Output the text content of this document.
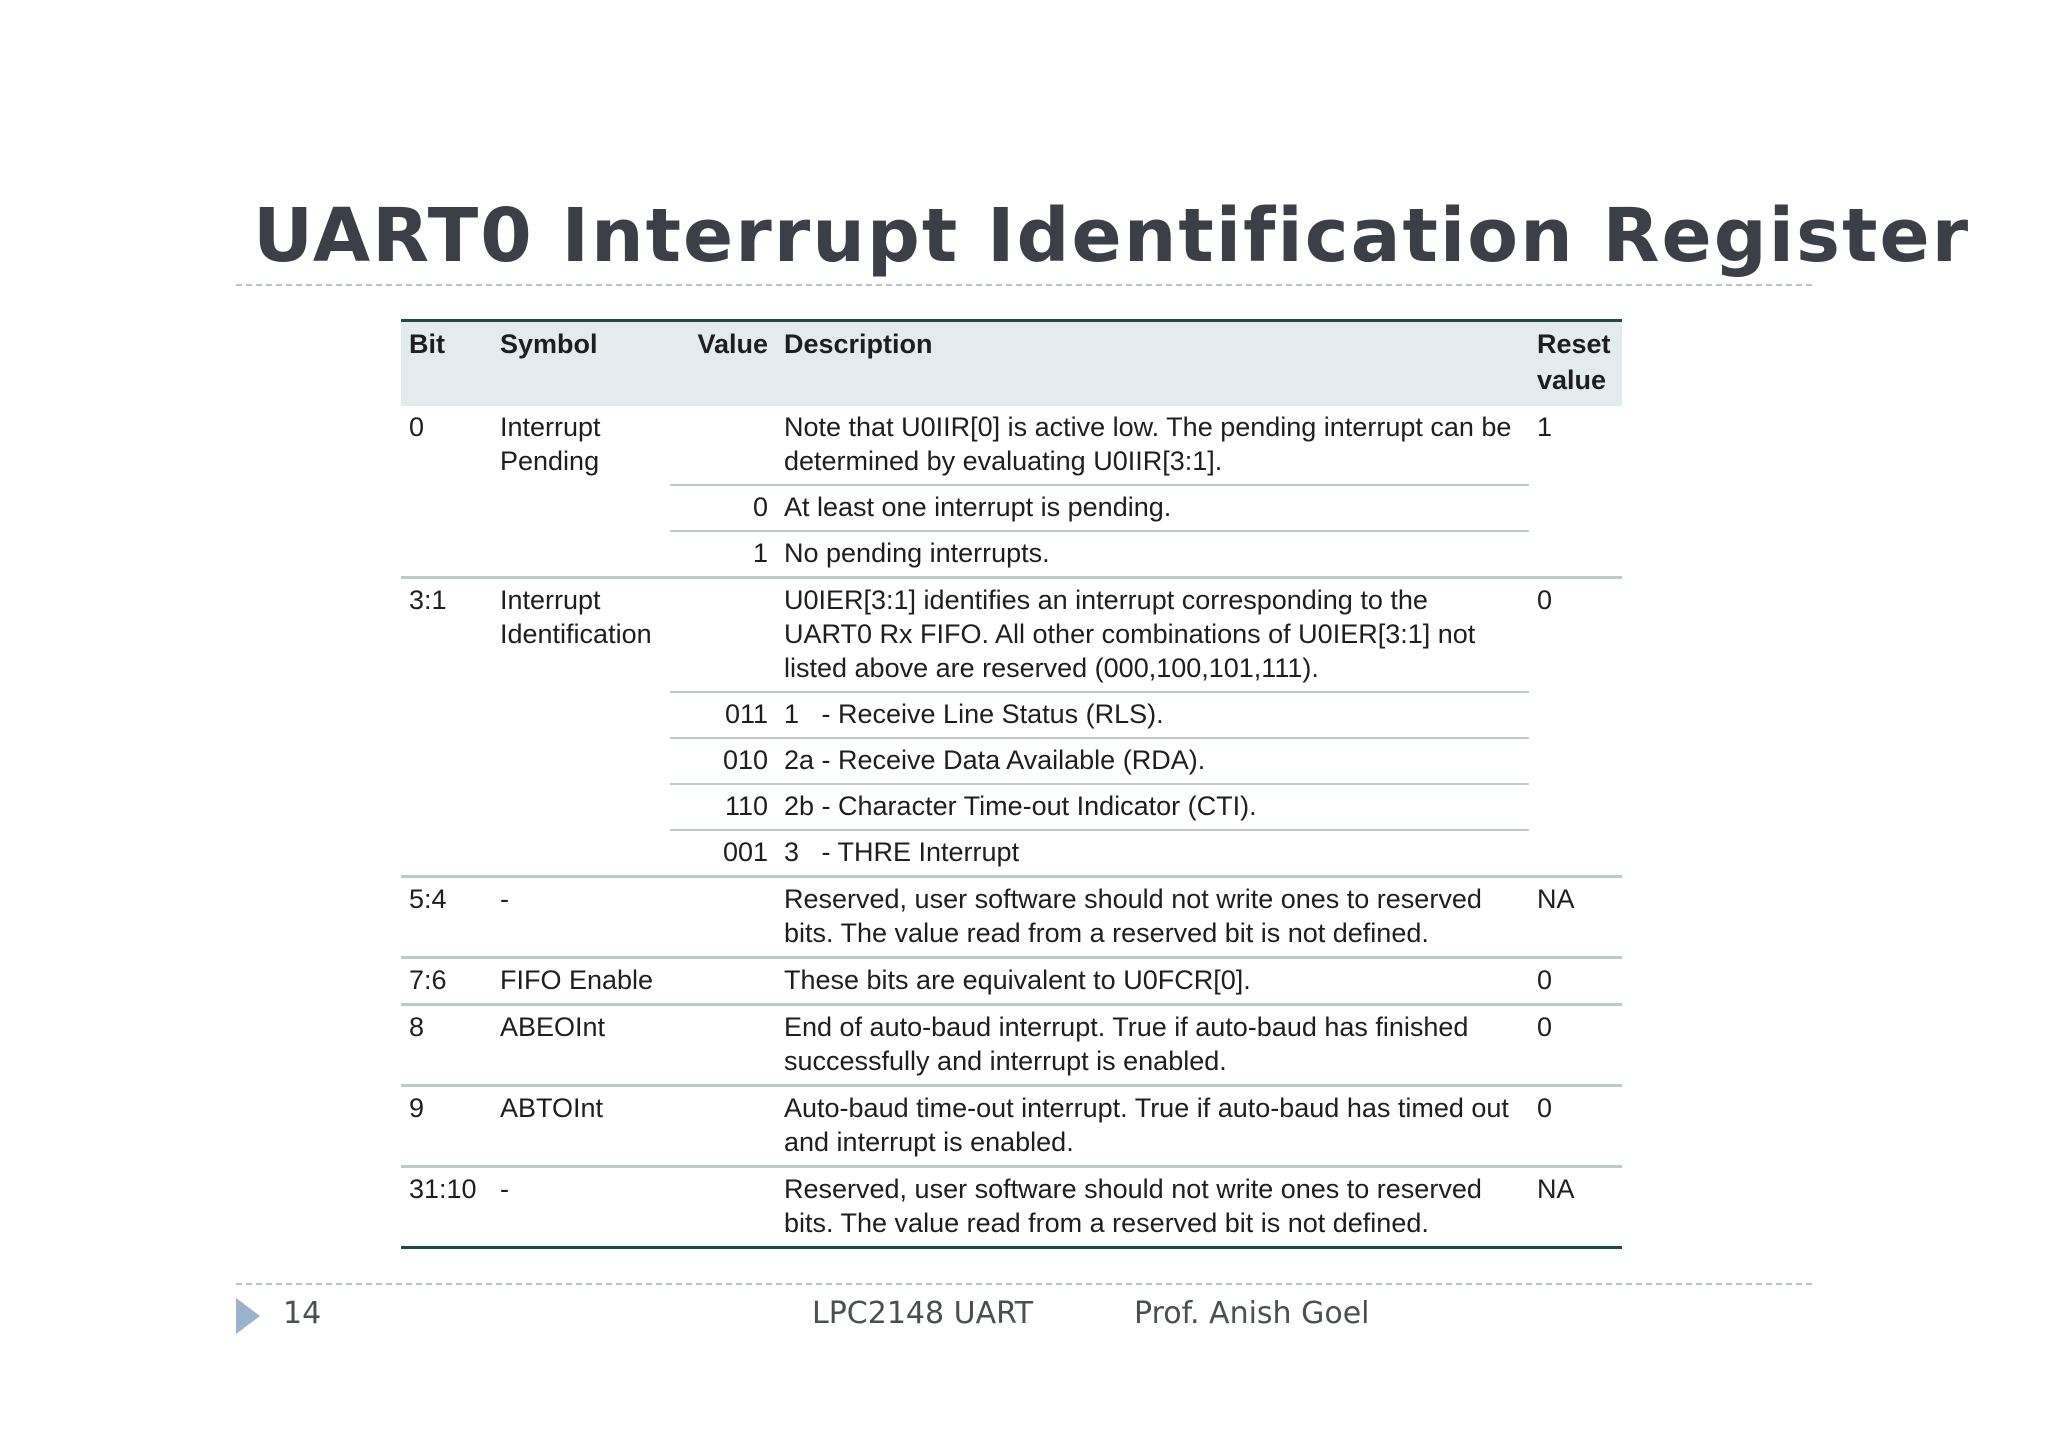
UART0 Interrupt Identification Register
Bit	Symbol	Value	Description	Reset value
0	Interrupt Pending		Note that U0IIR[0] is active low. The pending interrupt can be determined by evaluating U0IIR[3:1].	1
		0	At least one interrupt is pending.	
		1	No pending interrupts.	
3:1	Interrupt Identification		U0IER[3:1] identifies an interrupt corresponding to the UART0 Rx FIFO. All other combinations of U0IER[3:1] not listed above are reserved (000,100,101,111).	0
		011	1   - Receive Line Status (RLS).	
		010	2a - Receive Data Available (RDA).	
		110	2b - Character Time-out Indicator (CTI).	
		001	3   - THRE Interrupt	
5:4	-		Reserved, user software should not write ones to reserved bits. The value read from a reserved bit is not defined.	NA
7:6	FIFO Enable		These bits are equivalent to U0FCR[0].	0
8	ABEOInt		End of auto-baud interrupt. True if auto-baud has finished successfully and interrupt is enabled.	0
9	ABTOInt		Auto-baud time-out interrupt. True if auto-baud has timed out and interrupt is enabled.	0
31:10	-		Reserved, user software should not write ones to reserved bits. The value read from a reserved bit is not defined.	NA
14	LPC2148 UART	Prof. Anish Goel
